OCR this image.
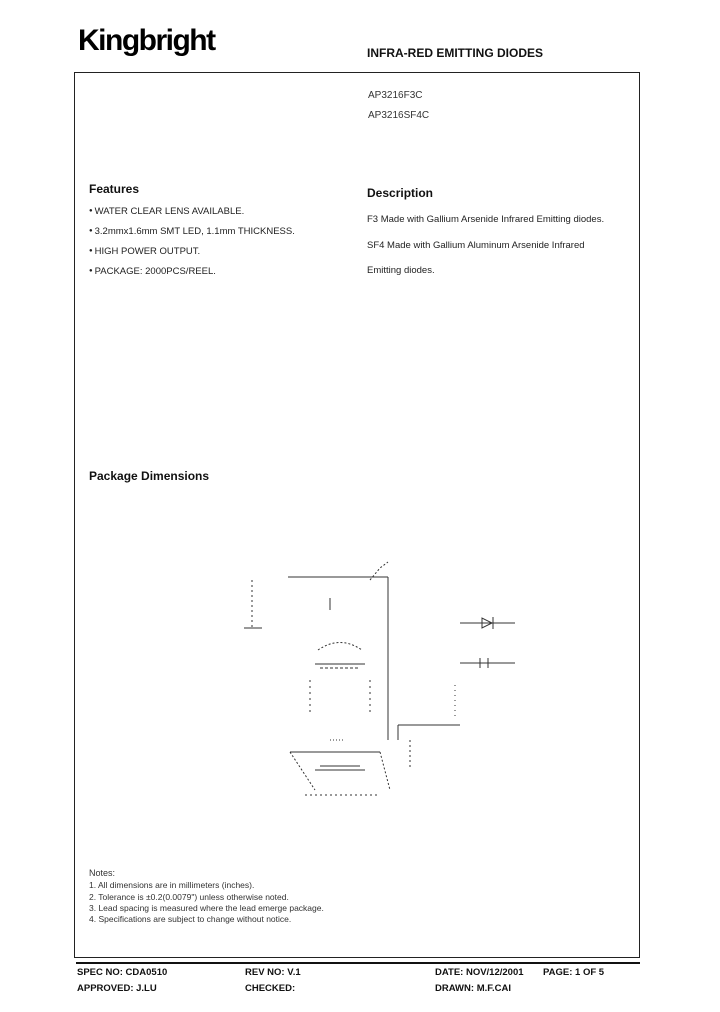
Kingbright	INFRA-RED EMITTING DIODES
AP3216F3C
AP3216SF4C
Features
● WATER CLEAR LENS AVAILABLE.
● 3.2mmx1.6mm SMT LED, 1.1mm THICKNESS.
● HIGH POWER OUTPUT.
● PACKAGE: 2000PCS/REEL.
Description
F3 Made with Gallium Arsenide Infrared Emitting diodes.
SF4 Made with Gallium Aluminum Arsenide Infrared
Emitting diodes.
Package Dimensions
Notes:
1. All dimensions are in millimeters (inches).
2. Tolerance is ±0.2(0.0079") unless otherwise noted.
3. Lead spacing is measured where the lead emerge package.
4. Specifications are subject to change without notice.
SPEC NO: CDA0510	REV NO: V.1	DATE: NOV/12/2001 PAGE: 1 OF 5
APPROVED: J.LU	CHECKED:	DRAWN: M.F.CAI
